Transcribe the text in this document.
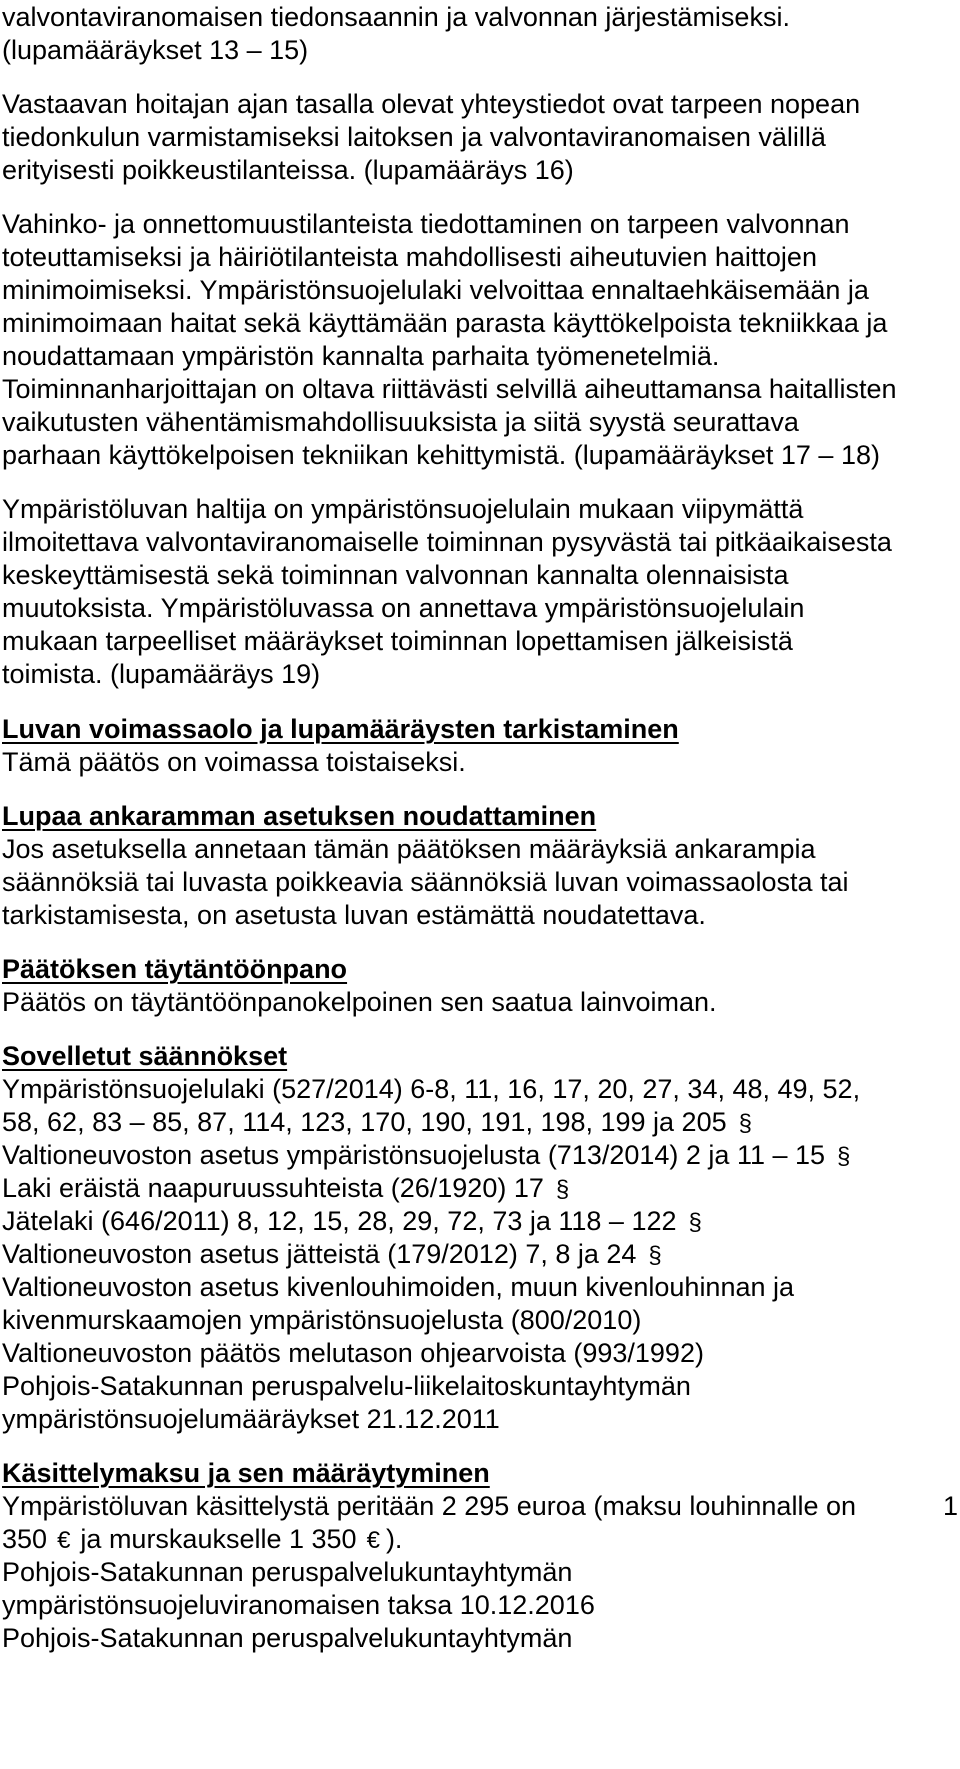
valvontaviranomaisen tiedonsaannin ja valvonnan järjestämiseksi.
(lupamääräykset 13 – 15)
Vastaavan hoitajan ajan tasalla olevat yhteystiedot ovat tarpeen nopean
tiedonkulun varmistamiseksi laitoksen ja valvontaviranomaisen välillä
erityisesti poikkeustilanteissa. (lupamääräys 16)
Vahinko- ja onnettomuustilanteista tiedottaminen on tarpeen valvonnan
toteuttamiseksi ja häiriötilanteista mahdollisesti aiheutuvien haittojen
minimoimiseksi. Ympäristönsuojelulaki velvoittaa ennaltaehkäisemään ja
minimoimaan haitat sekä käyttämään parasta käyttökelpoista tekniikkaa ja
noudattamaan ympäristön kannalta parhaita työmenetelmiä.
Toiminnanharjoittajan on oltava riittävästi selvillä aiheuttamansa haitallisten
vaikutusten vähentämismahdollisuuksista ja siitä syystä seurattava
parhaan käyttökelpoisen tekniikan kehittymistä. (lupamääräykset 17 – 18)
Ympäristöluvan haltija on ympäristönsuojelulain mukaan viipymättä
ilmoitettava valvontaviranomaiselle toiminnan pysyvästä tai pitkäaikaisesta
keskeyttämisestä sekä toiminnan valvonnan kannalta olennaisista
muutoksista. Ympäristöluvassa on annettava ympäristönsuojelulain
mukaan tarpeelliset määräykset toiminnan lopettamisen jälkeisistä
toimista. (lupamääräys 19)
Luvan voimassaolo ja lupamääräysten tarkistaminen
Tämä päätös on voimassa toistaiseksi.
Lupaa ankaramman asetuksen noudattaminen
Jos asetuksella annetaan tämän päätöksen määräyksiä ankarampia
säännöksiä tai luvasta poikkeavia säännöksiä luvan voimassaolosta tai
tarkistamisesta, on asetusta luvan estämättä noudatettava.
Päätöksen täytäntöönpano
Päätös on täytäntöönpanokelpoinen sen saatua lainvoiman.
Sovelletut säännökset
Ympäristönsuojelulaki (527/2014) 6-8, 11, 16, 17, 20, 27, 34, 48, 49, 52,
58, 62, 83 – 85, 87, 114, 123, 170, 190, 191, 198, 199 ja 205 §
Valtioneuvoston asetus ympäristönsuojelusta (713/2014) 2 ja 11 – 15 §
Laki eräistä naapuruussuhteista (26/1920) 17 §
Jätelaki (646/2011) 8, 12, 15, 28, 29, 72, 73 ja 118 – 122 §
Valtioneuvoston asetus jätteistä (179/2012) 7, 8 ja 24 §
Valtioneuvoston asetus kivenlouhimoiden, muun kivenlouhinnan ja
kivenmurskaamojen ympäristönsuojelusta (800/2010)
Valtioneuvoston päätös melutason ohjearvoista (993/1992)
Pohjois-Satakunnan peruspalvelu-liikelaitoskuntayhtymän
ympäristönsuojelumääräykset 21.12.2011
Käsittelymaksu ja sen määräytyminen
Ympäristöluvan käsittelystä peritään 2 295 euroa (maksu louhinnalle on	1
350 € ja murskaukselle 1 350 € ).
Pohjois-Satakunnan peruspalvelukuntayhtymän
ympäristönsuojeluviranomaisen taksa 10.12.2016
Pohjois-Satakunnan peruspalvelukuntayhtymän
